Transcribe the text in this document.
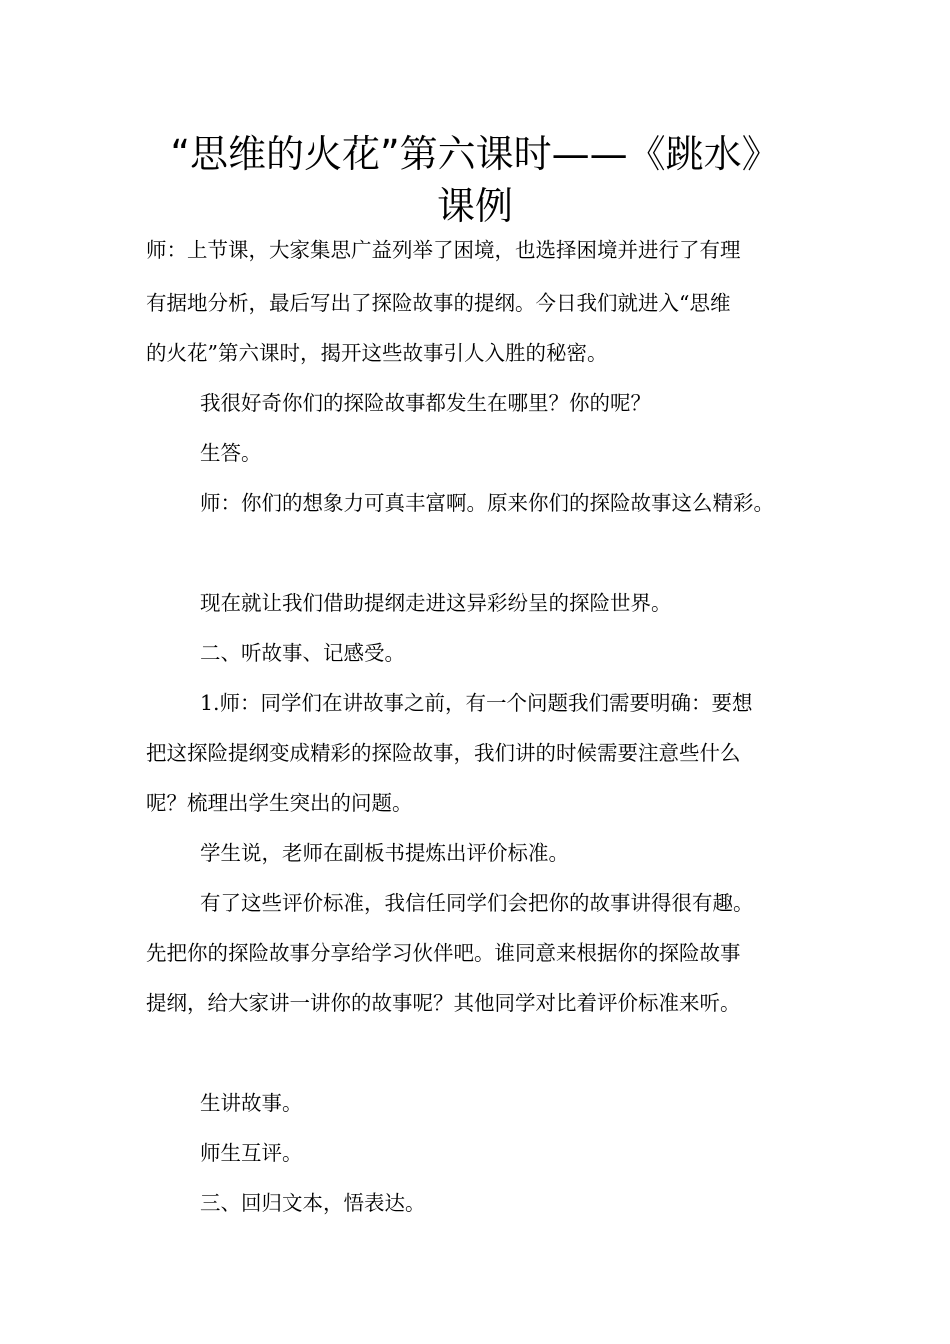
“思维的火花”第六课时——《跳水》
课例
师：上节课，大家集思广益列举了困境，也选择困境并进行了有理
有据地分析，最后写出了探险故事的提纲。今日我们就进入“思维
的火花”第六课时，揭开这些故事引人入胜的秘密。
我很好奇你们的探险故事都发生在哪里？你的呢？
生答。
师：你们的想象力可真丰富啊。原来你们的探险故事这么精彩。
现在就让我们借助提纲走进这异彩纷呈的探险世界。
二、听故事、记感受。
1.师：同学们在讲故事之前，有一个问题我们需要明确：要想
把这探险提纲变成精彩的探险故事，我们讲的时候需要注意些什么
呢？梳理出学生突出的问题。
学生说，老师在副板书提炼出评价标准。
有了这些评价标准，我信任同学们会把你的故事讲得很有趣。
先把你的探险故事分享给学习伙伴吧。谁同意来根据你的探险故事
提纲，给大家讲一讲你的故事呢？其他同学对比着评价标准来听。
生讲故事。
师生互评。
三、回归文本，悟表达。
